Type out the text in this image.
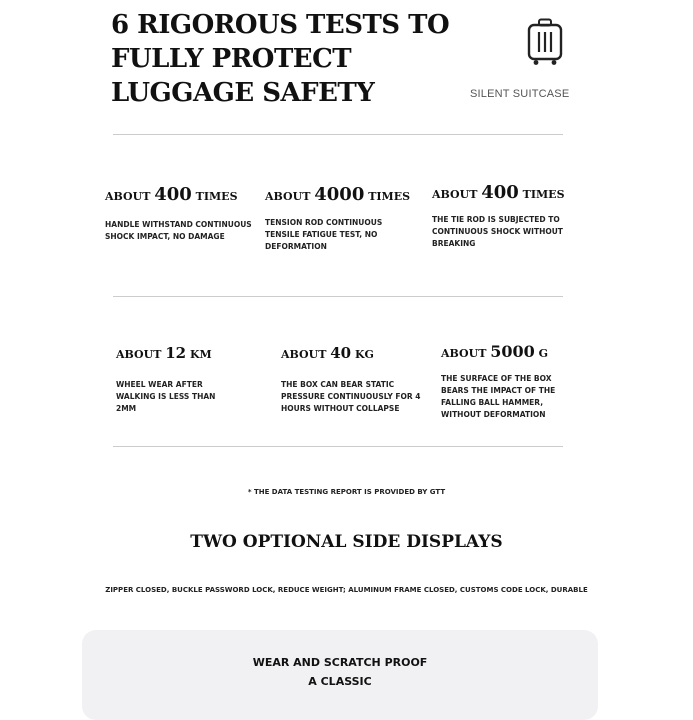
6 RIGOROUS TESTS TO
FULLY PROTECT
LUGGAGE SAFETY	SILENT SUITCASE
ABOUT 400 TIMES
HANDLE WITHSTAND CONTINUOUS
SHOCK IMPACT, NO DAMAGE
ABOUT 4000 TIMES
TENSION ROD CONTINUOUS
TENSILE FATIGUE TEST, NO
DEFORMATION
ABOUT 400 TIMES
THE TIE ROD IS SUBJECTED TO
CONTINUOUS SHOCK WITHOUT
BREAKING
ABOUT 12 KM
WHEEL WEAR AFTER
WALKING IS LESS THAN
2MM
ABOUT 40 KG
THE BOX CAN BEAR STATIC
PRESSURE CONTINUOUSLY FOR 4
HOURS WITHOUT COLLAPSE
ABOUT 5000 G
THE SURFACE OF THE BOX
BEARS THE IMPACT OF THE
FALLING BALL HAMMER,
WITHOUT DEFORMATION
* THE DATA TESTING REPORT IS PROVIDED BY GTT
TWO OPTIONAL SIDE DISPLAYS
ZIPPER CLOSED, BUCKLE PASSWORD LOCK, REDUCE WEIGHT; ALUMINUM FRAME CLOSED, CUSTOMS CODE LOCK, DURABLE
WEAR AND SCRATCH PROOF
A CLASSIC
